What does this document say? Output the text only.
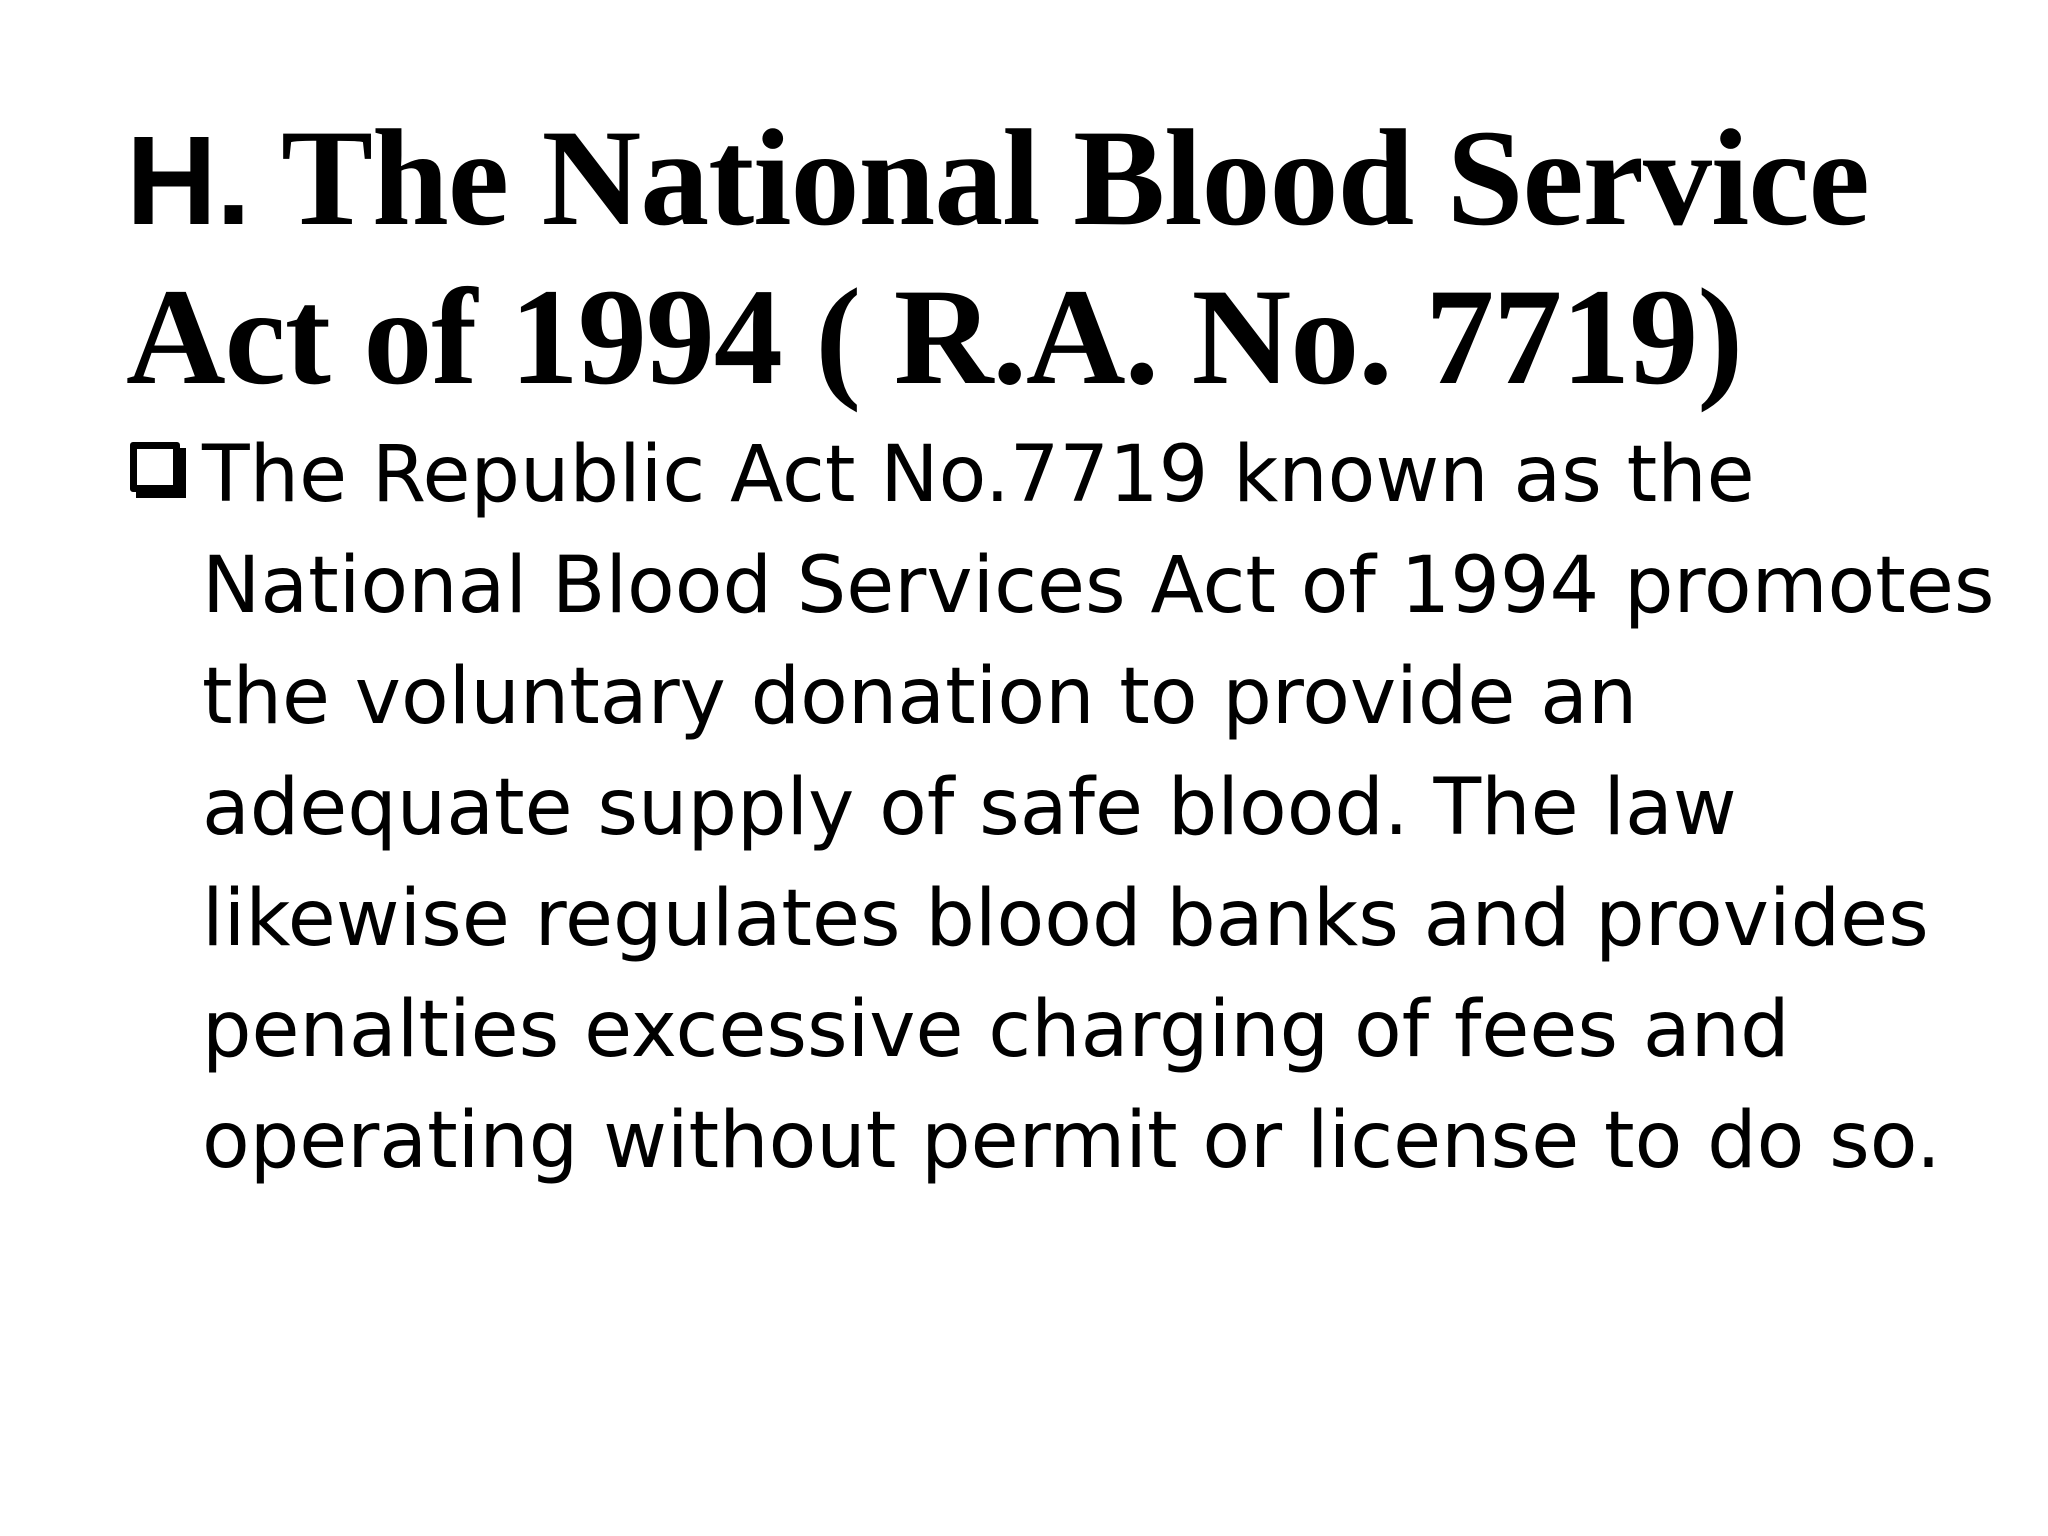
H. The National Blood Service
Act of 1994 ( R.A. No. 7719)

The Republic Act No.7719 known as the
National Blood Services Act of 1994 promotes
the voluntary donation to provide an
adequate supply of safe blood. The law
likewise regulates blood banks and provides
penalties excessive charging of fees and
operating without permit or license to do so.
